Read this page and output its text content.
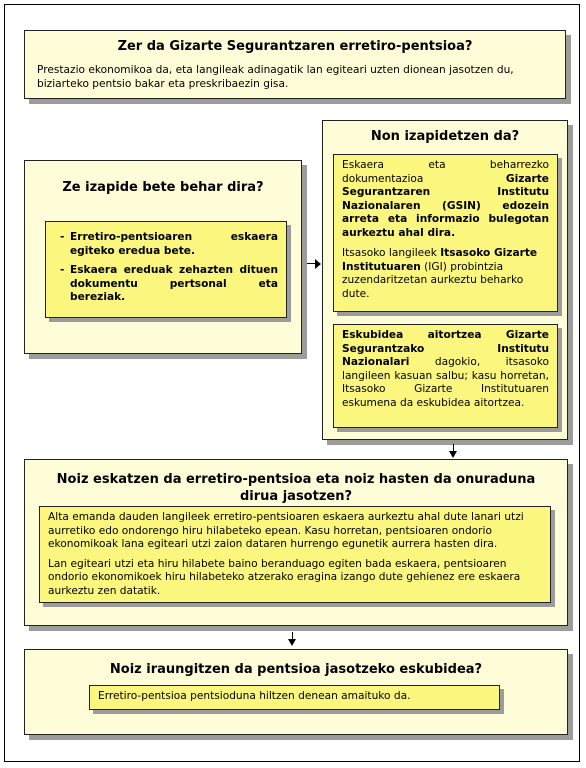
Zer da Gizarte Segurantzaren erretiro-pentsioa?

Prestazio ekonomikoa da, eta langileak adinagatik lan egiteari uzten dionean jasotzen du, biziarteko pentsio bakar eta preskribaezin gisa.

Ze izapide bete behar dira?
- Erretiro-pentsioaren eskaera egiteko eredua bete.
- Eskaera ereduak zehazten dituen dokumentu pertsonal eta bereziak.
Non izapidetzen da?

Eskaera eta beharrezko dokumentazioa Gizarte Segurantzaren Institutu Nazionalaren (GSIN) edozein arreta eta informazio bulegotan aurkeztu ahal dira.

Itsasoko langileek Itsasoko Gizarte Institutuaren (IGI) probintzia zuzendaritzetan aurkeztu beharko dute.

Eskubidea aitortzea Gizarte Segurantzako Institutu Nazionalari dagokio, itsasoko langileen kasuan salbu; kasu horretan, Itsasoko Gizarte Institutuaren eskumena da eskubidea aitortzea.

Noiz eskatzen da erretiro-pentsioa eta noiz hasten da onuraduna dirua jasotzen?

Alta emanda dauden langileek erretiro-pentsioaren eskaera aurkeztu ahal dute lanari utzi aurretiko edo ondorengo hiru hilabeteko epean. Kasu horretan, pentsioaren ondorio ekonomikoak lana egiteari utzi zaion dataren hurrengo egunetik aurrera hasten dira.

Lan egiteari utzi eta hiru hilabete baino beranduago egiten bada eskaera, pentsioaren ondorio ekonomikoek hiru hilabeteko atzerako eragina izango dute gehienez ere eskaera aurkeztu zen datatik.

Noiz iraungitzen da pentsioa jasotzeko eskubidea?

Erretiro-pentsioa pentsioduna hiltzen denean amaituko da.
